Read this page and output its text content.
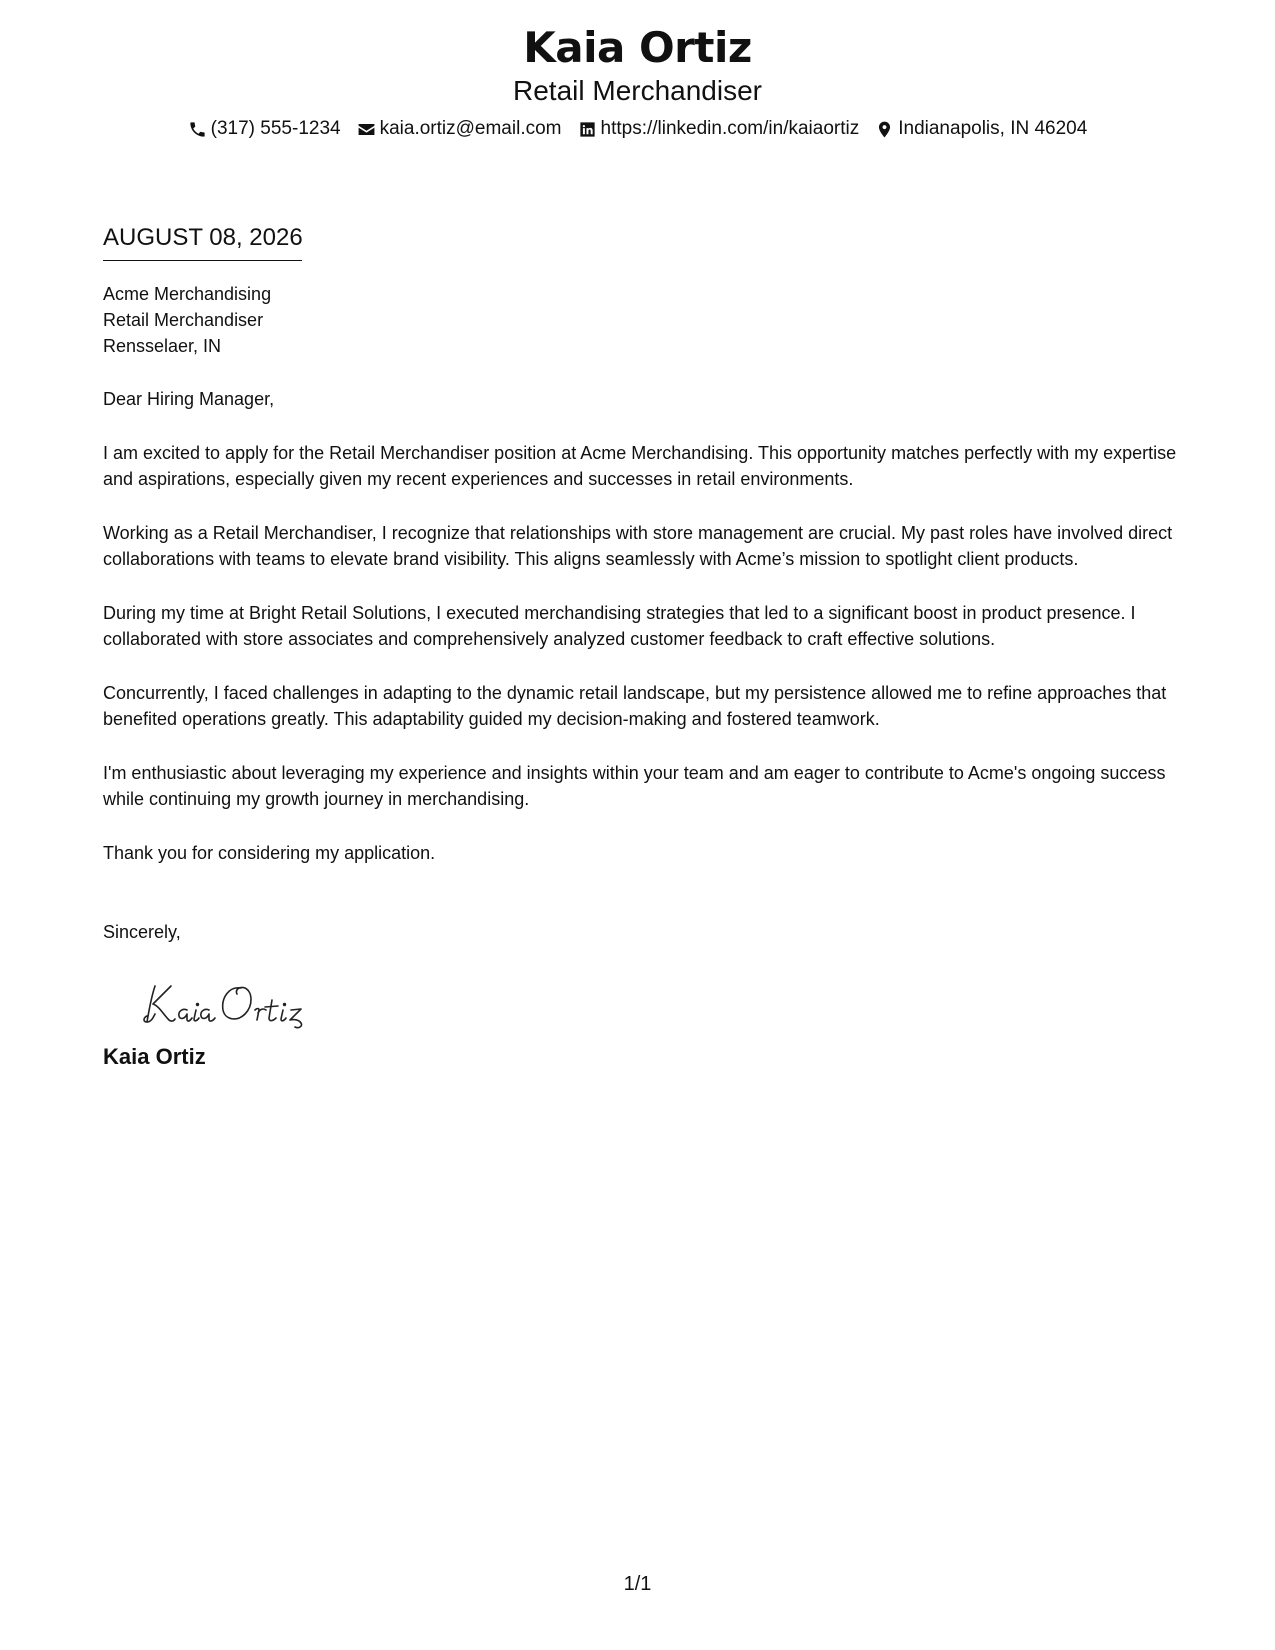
Kaia Ortiz
Retail Merchandiser
(317) 555-1234 kaia.ortiz@email.com https://linkedin.com/in/kaiaortiz Indianapolis, IN 46204
AUGUST 08, 2026
Acme Merchandising
Retail Merchandiser
Rensselaer, IN
Dear Hiring Manager,
I am excited to apply for the Retail Merchandiser position at Acme Merchandising. This opportunity matches perfectly with my expertise and aspirations, especially given my recent experiences and successes in retail environments.
Working as a Retail Merchandiser, I recognize that relationships with store management are crucial. My past roles have involved direct collaborations with teams to elevate brand visibility. This aligns seamlessly with Acme’s mission to spotlight client products.
During my time at Bright Retail Solutions, I executed merchandising strategies that led to a significant boost in product presence. I collaborated with store associates and comprehensively analyzed customer feedback to craft effective solutions.
Concurrently, I faced challenges in adapting to the dynamic retail landscape, but my persistence allowed me to refine approaches that benefited operations greatly. This adaptability guided my decision-making and fostered teamwork.
I'm enthusiastic about leveraging my experience and insights within your team and am eager to contribute to Acme's ongoing success while continuing my growth journey in merchandising.
Thank you for considering my application.
Sincerely,
Kaia Ortiz
1/1
